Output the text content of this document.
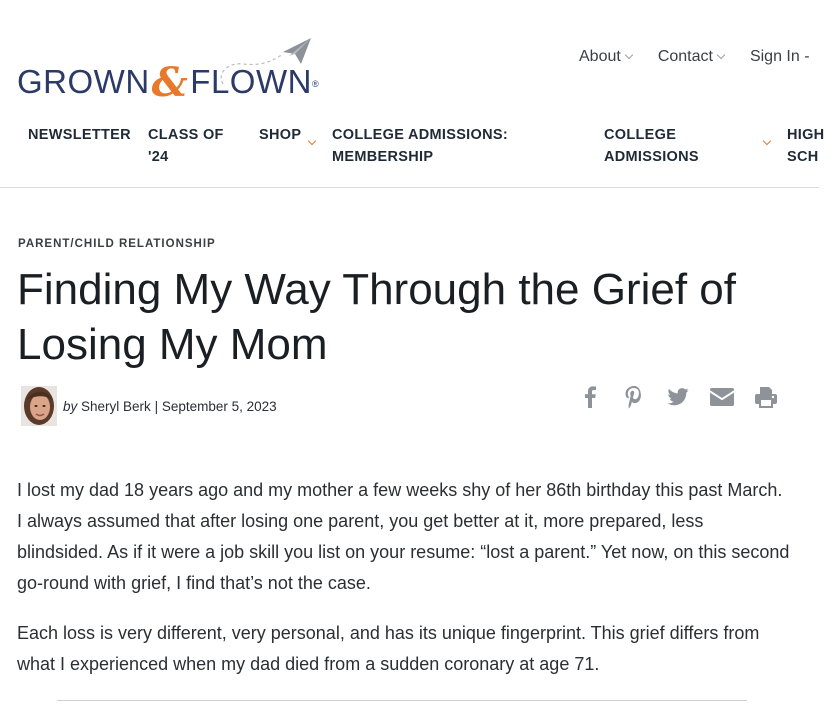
GROWN&FLOWN®
About Contact Sign In -
NEWSLETTER CLASS OF
'24
SHOP COLLEGE ADMISSIONS:
MEMBERSHIP
COLLEGE
ADMISSIONS
HIGH
SCH
PARENT/CHILD RELATIONSHIP
Finding My Way Through the Grief of Losing My Mom
by Sheryl Berk | September 5, 2023

I lost my dad 18 years ago and my mother a few weeks shy of her 86th birthday this past March. I always assumed that after losing one parent, you get better at it, more prepared, less blindsided. As if it were a job skill you list on your resume: “lost a parent.” Yet now, on this second go-round with grief, I find that’s not the case.

Each loss is very different, very personal, and has its unique fingerprint. This grief differs from what I experienced when my dad died from a sudden coronary at age 71.
